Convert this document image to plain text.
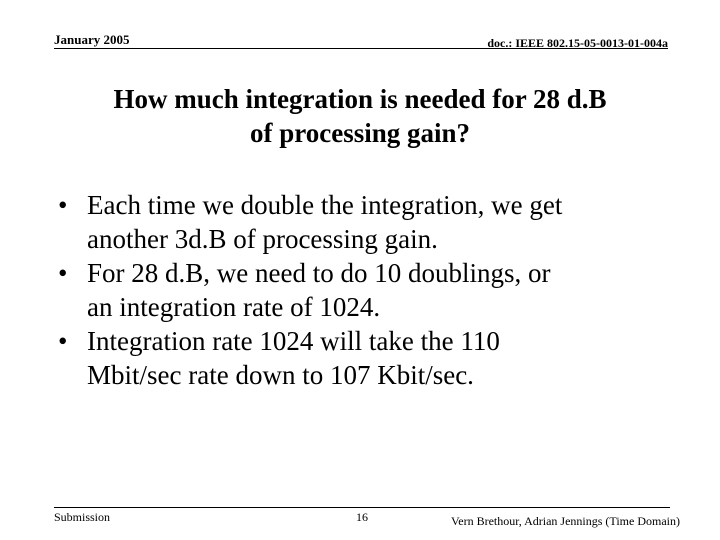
January 2005	doc.: IEEE 802.15-05-0013-01-004a
How much integration is needed for 28 d.B
of processing gain?
• Each time we double the integration, we get
another 3d.B of processing gain.
• For 28 d.B, we need to do 10 doublings, or
an integration rate of 1024.
• Integration rate 1024 will take the 110
Mbit/sec rate down to 107 Kbit/sec.
Submission	16	Vern Brethour, Adrian Jennings (Time Domain)
